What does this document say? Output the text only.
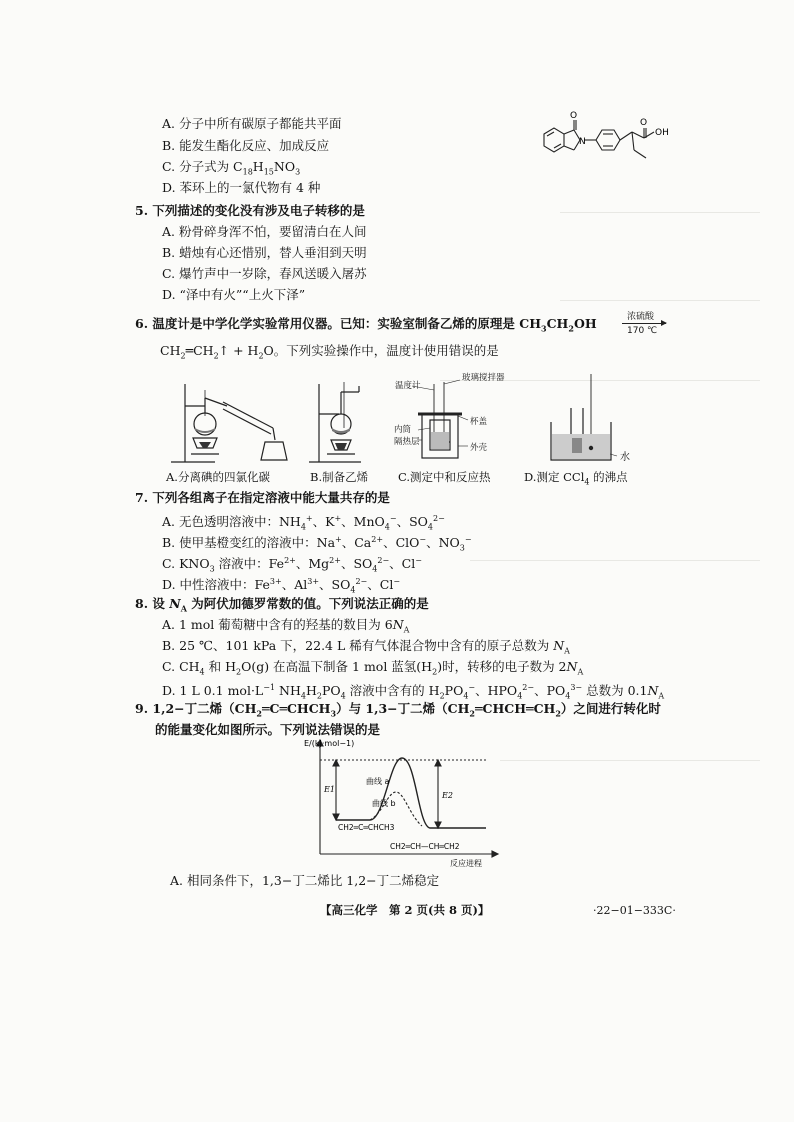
A. 分子中所有碳原子都能共平面
B. 能发生酯化反应、加成反应
C. 分子式为 $C_{18}H_{15}NO_3$
D. 苯环上的一氯代物有 4 种
O
N
O
OH
5. 下列描述的变化没有涉及电子转移的是
A. 粉骨碎身浑不怕，要留清白在人间
B. 蜡烛有心还惜别，替人垂泪到天明
C. 爆竹声中一岁除，春风送暖入屠苏
D. “泽中有火”“上火下泽”
6. 温度计是中学化学实验常用仪器。已知：实验室制备乙烯的原理是 $CH_3CH_2OH$	浓硫酸
170 ℃
$CH_2═CH_2↑ + H_2O$。下列实验操作中，温度计使用错误的是
A.分离碘的四氯化碳	B.制备乙烯
温度计
玻璃搅拌器
内筒
隔热层
杯盖
外壳
C.测定中和反应热
水
D.测定 CCl$_4$ 的沸点
7. 下列各组离子在指定溶液中能大量共存的是
A. 无色透明溶液中：$NH_4^+$、K+、MnO$_4$−、$SO_4^{2-}$
B. 使甲基橙变红的溶液中：Na+、$Ca^{2+}$、ClO−、$NO_3^-$
C. $KNO_3$ 溶液中：$Fe^{2+}$、$Mg^{2+}$、$SO_4^{2-}$、Cl−
D. 中性溶液中：$Fe^{3+}$、$Al^{3+}$、$SO_4^{2-}$、Cl−
8. 设 $N_A$ 为阿伏加德罗常数的值。下列说法正确的是
A. 1 mol 葡萄糖中含有的羟基的数目为 $6N_A$
B. 25 ℃、101 kPa 下，22.4 L 稀有气体混合物中含有的原子总数为 $N_A$
C. $CH_4$ 和 $H_2O(g)$ 在高温下制备 1 mol 蓝氢$(H_2)$时，转移的电子数为 $2N_A$
D. 1 L 0.1 $mol\cdot L^{-1}$ $NH_4H_2PO_4$ 溶液中含有的 $H_2PO_4^-$、$HPO_4^{2-}$、$PO_4^{3-}$ 总数为 $0.1N_A$
9. 1,2−丁二烯$(CH_2═C═CHCH_3)$与 1,3−丁二烯$(CH_2═CHCH═CH_2)$之间进行转化时
的能量变化如图所示。下列说法错误的是
E/(kJ·mol−1)
E1
E2
曲线 a
曲线 b
CH2═C═CHCH3
CH2═CH—CH═CH2
反应进程
A. 相同条件下，1,3−丁二烯比 1,2−丁二烯稳定
【高三化学　第 2 页(共 8 页)】	·22−01−333C·
